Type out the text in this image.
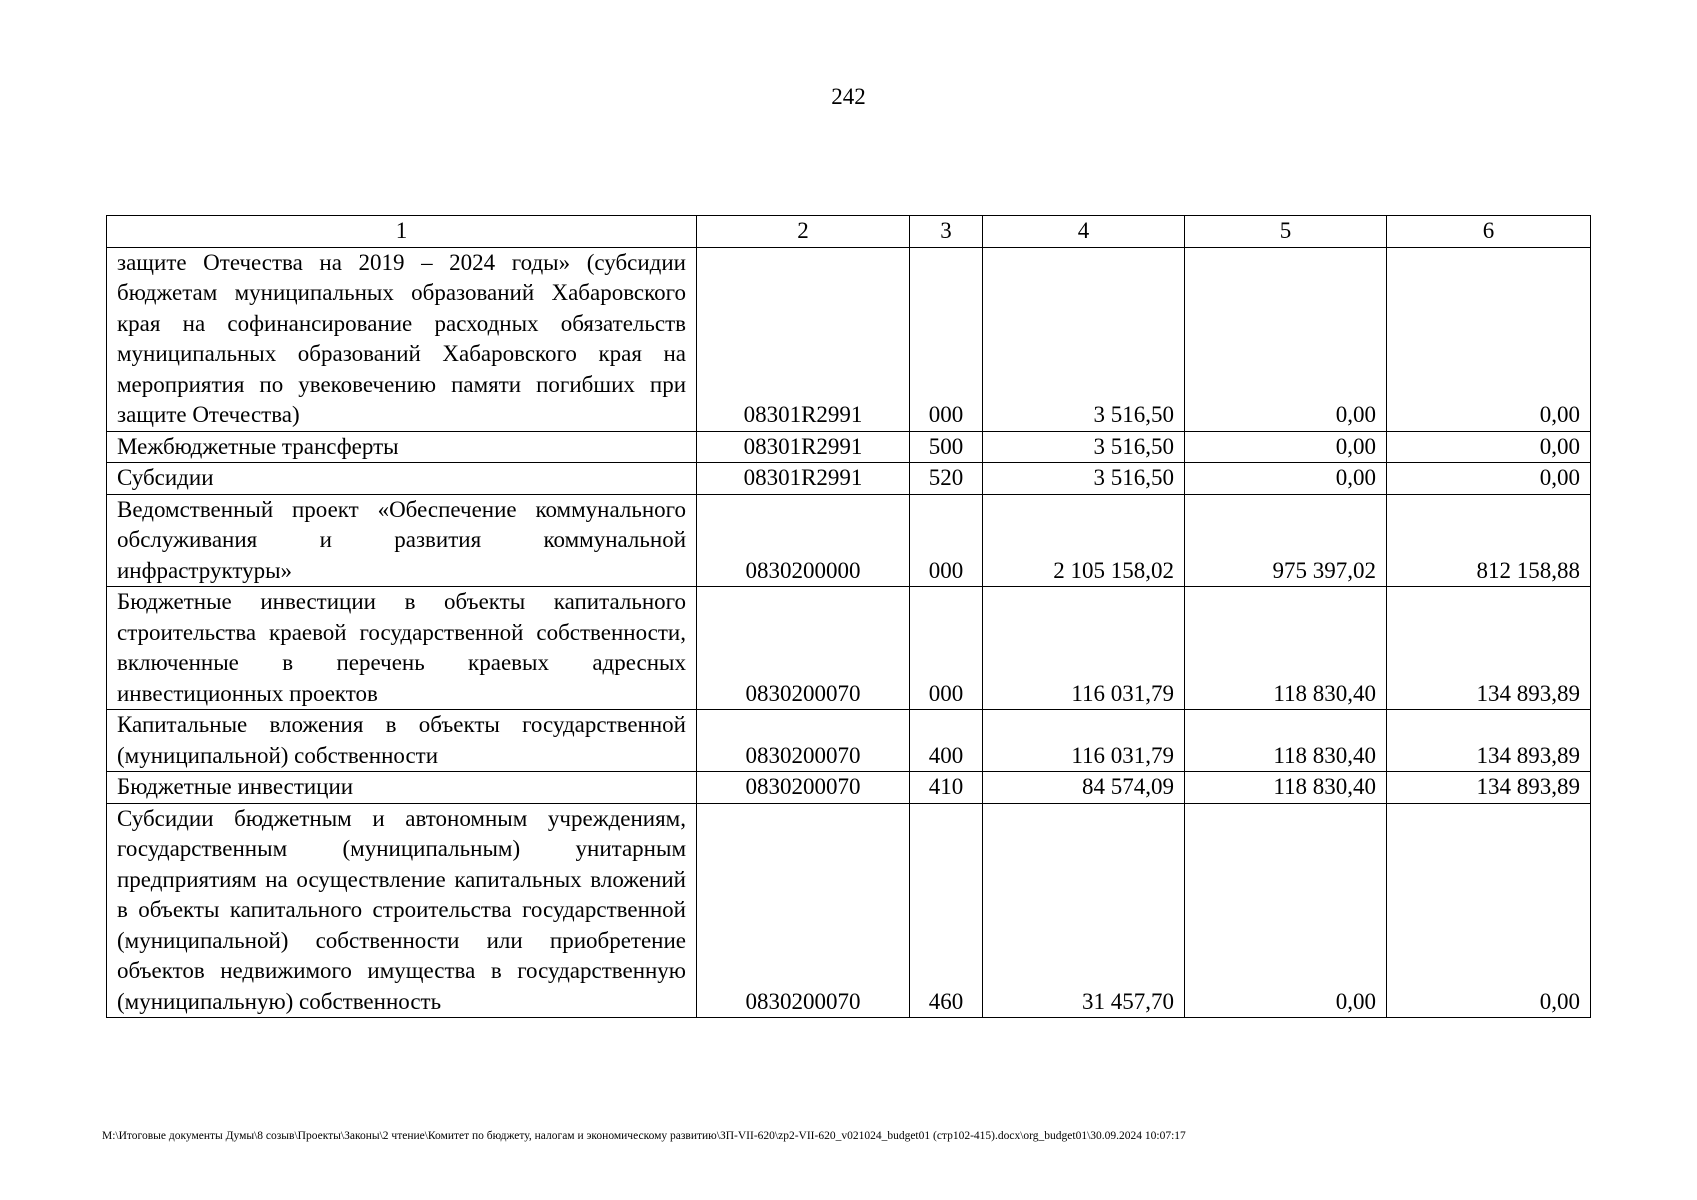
242
1	2	3	4	5	6
защите Отечества на 2019 – 2024 годы» (субсидии бюджетам муниципальных образований Хабаровского края на софинансирование расходных обязательств муниципальных образований Хабаровского края на мероприятия по увековечению памяти погибших при защите Отечества)	08301R2991	000	3 516,50	0,00	0,00
Межбюджетные трансферты	08301R2991	500	3 516,50	0,00	0,00
Субсидии	08301R2991	520	3 516,50	0,00	0,00
Ведомственный проект «Обеспечение коммунального обслуживания и развития коммунальной инфраструктуры»	0830200000	000	2 105 158,02	975 397,02	812 158,88
Бюджетные инвестиции в объекты капитального строительства краевой государственной собственности, включенные в перечень краевых адресных инвестиционных проектов	0830200070	000	116 031,79	118 830,40	134 893,89
Капитальные вложения в объекты государственной (муниципальной) собственности	0830200070	400	116 031,79	118 830,40	134 893,89
Бюджетные инвестиции	0830200070	410	84 574,09	118 830,40	134 893,89
Субсидии бюджетным и автономным учреждениям, государственным (муниципальным) унитарным предприятиям на осуществление капитальных вложений в объекты капитального строительства государственной (муниципальной) собственности или приобретение объектов недвижимого имущества в государственную (муниципальную) собственность	0830200070	460	31 457,70	0,00	0,00
M:\Итоговые документы Думы\8 созыв\Проекты\Законы\2 чтение\Комитет по бюджету, налогам и экономическому развитию\ЗП-VII-620\zp2-VII-620_v021024_budget01 (стр102-415).docx\org_budget01\30.09.2024 10:07:17
